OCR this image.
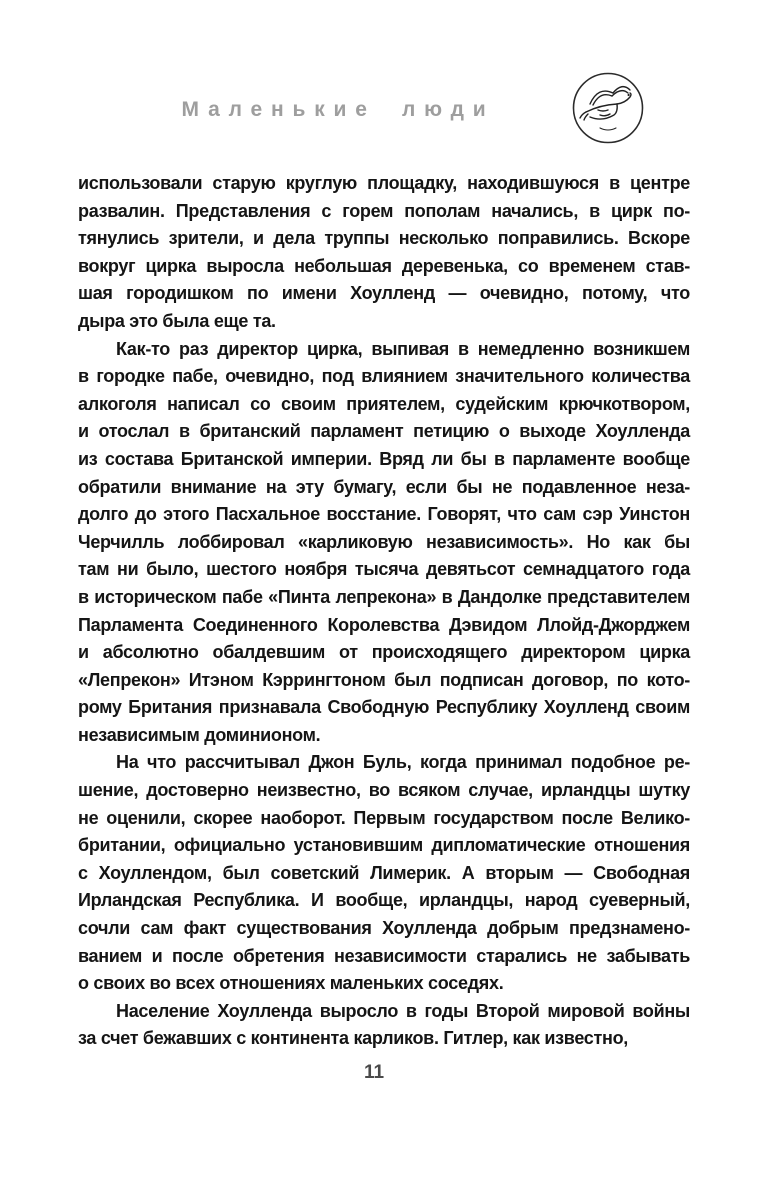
Маленькие люди
использовали старую круглую площадку, находившуюся в центре
развалин. Представления с горем пополам начались, в цирк по-
тянулись зрители, и дела труппы несколько поправились. Вскоре
вокруг цирка выросла небольшая деревенька, со временем став-
шая городишком по имени Хоулленд — очевидно, потому, что
дыра это была еще та.
Как-то раз директор цирка, выпивая в немедленно возникшем
в городке пабе, очевидно, под влиянием значительного количества
алкоголя написал со своим приятелем, судейским крючкотвором,
и отослал в британский парламент петицию о выходе Хоулленда
из состава Британской империи. Вряд ли бы в парламенте вообще
обратили внимание на эту бумагу, если бы не подавленное неза-
долго до этого Пасхальное восстание. Говорят, что сам сэр Уинстон
Черчилль лоббировал «карликовую независимость». Но как бы
там ни было, шестого ноября тысяча девятьсот семнадцатого года
в историческом пабе «Пинта лепрекона» в Дандолке представителем
Парламента Соединенного Королевства Дэвидом Ллойд-Джорджем
и абсолютно обалдевшим от происходящего директором цирка
«Лепрекон» Итэном Кэррингтоном был подписан договор, по кото-
рому Британия признавала Свободную Республику Хоулленд своим
независимым доминионом.
На что рассчитывал Джон Буль, когда принимал подобное ре-
шение, достоверно неизвестно, во всяком случае, ирландцы шутку
не оценили, скорее наоборот. Первым государством после Велико-
британии, официально установившим дипломатические отношения
с Хоуллендом, был советский Лимерик. А вторым — Свободная
Ирландская Республика. И вообще, ирландцы, народ суеверный,
сочли сам факт существования Хоулленда добрым предзнамено-
ванием и после обретения независимости старались не забывать
о своих во всех отношениях маленьких соседях.
Население Хоулленда выросло в годы Второй мировой войны
за счет бежавших с континента карликов. Гитлер, как известно,
11
